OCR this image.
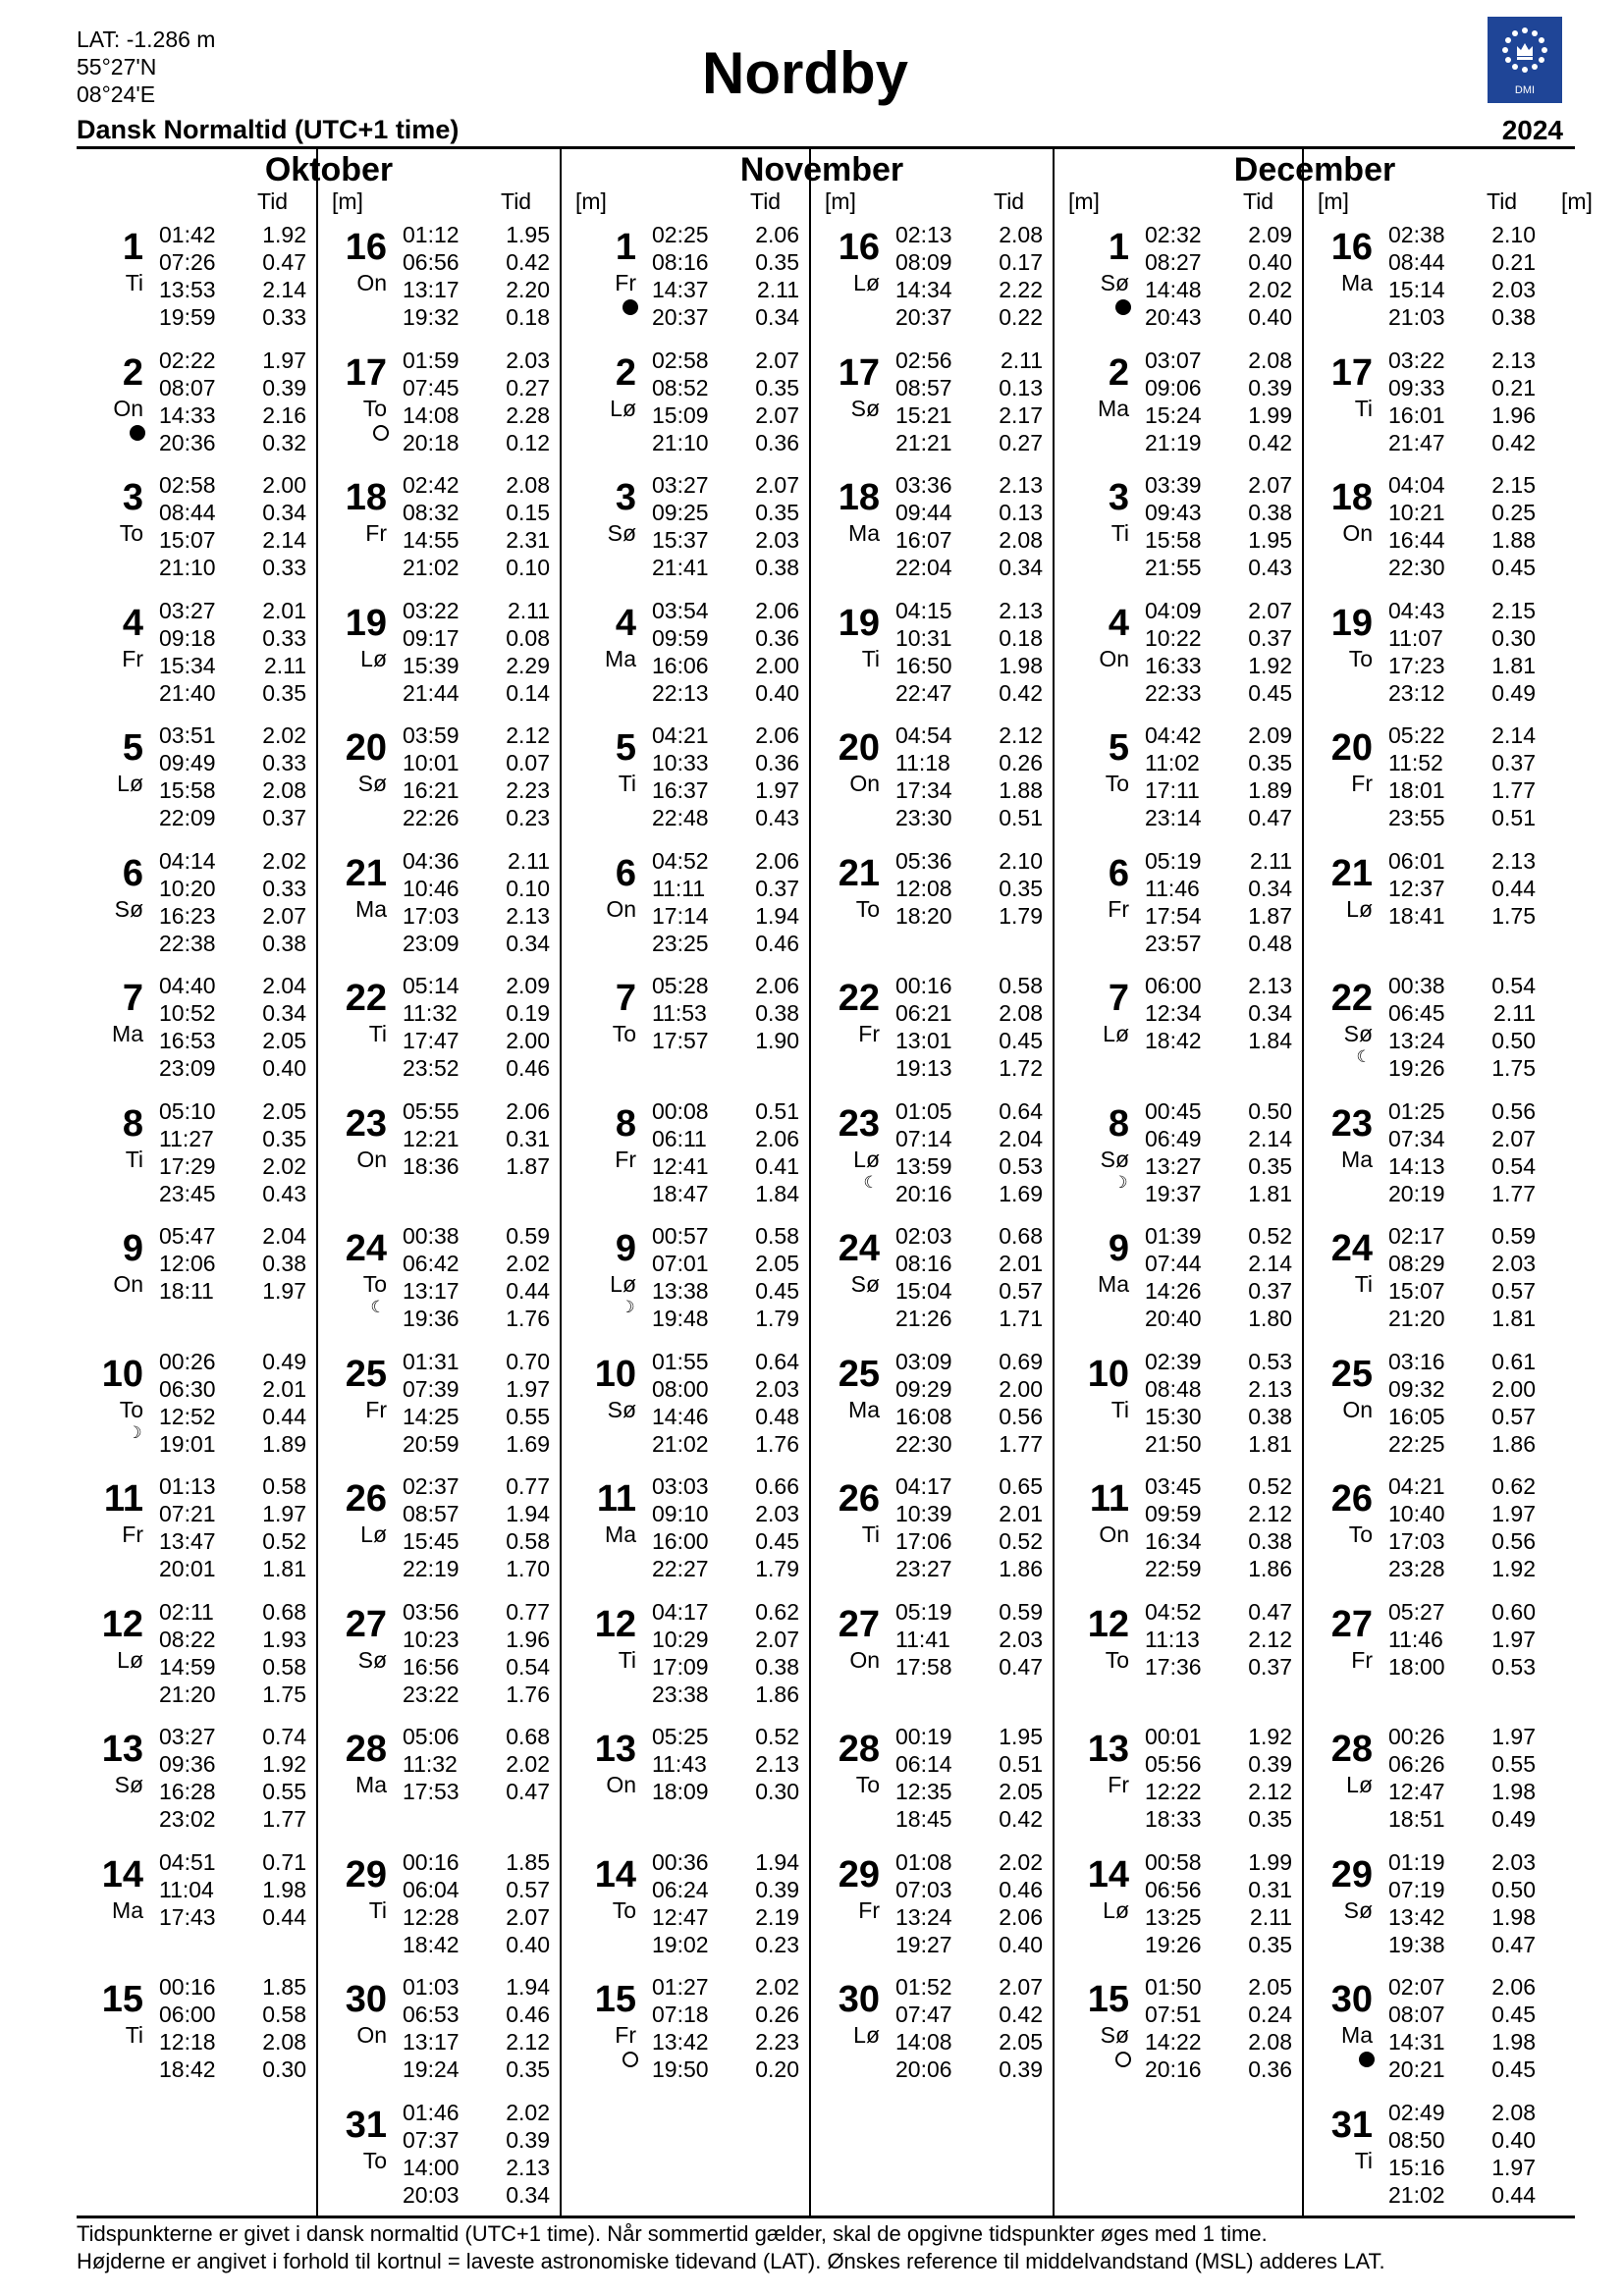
LAT: -1.286 m
55°27'N
08°24'E
Dansk Normaltid (UTC+1 time)
Nordby	DMI
2024
Oktober
Tid [m]	Tid [m]
1
Ti
01:42 1.92
07:26 0.47
13:53 2.14
19:59 0.33
2
On
02:22 1.97
08:07 0.39
14:33 2.16
20:36 0.32
3
To
02:58 2.00
08:44 0.34
15:07 2.14
21:10 0.33
4
Fr
03:27 2.01
09:18 0.33
15:34 2.11
21:40 0.35
5
Lø
03:51 2.02
09:49 0.33
15:58 2.08
22:09 0.37
6
Sø
04:14 2.02
10:20 0.33
16:23 2.07
22:38 0.38
7
Ma
04:40 2.04
10:52 0.34
16:53 2.05
23:09 0.40
8
Ti
05:10 2.05
11:27 0.35
17:29 2.02
23:45 0.43
9
On
05:47 2.04
12:06 0.38
18:11 1.97
10
To
☽
00:26 0.49
06:30 2.01
12:52 0.44
19:01 1.89
11
Fr
01:13 0.58
07:21 1.97
13:47 0.52
20:01 1.81
12
Lø
02:11 0.68
08:22 1.93
14:59 0.58
21:20 1.75
13
Sø
03:27 0.74
09:36 1.92
16:28 0.55
23:02 1.77
14
Ma
04:51 0.71
11:04 1.98
17:43 0.44
15
Ti
00:16 1.85
06:00 0.58
12:18 2.08
18:42 0.30
16
On
01:12 1.95
06:56 0.42
13:17 2.20
19:32 0.18
17
To
01:59 2.03
07:45 0.27
14:08 2.28
20:18 0.12
18
Fr
02:42 2.08
08:32 0.15
14:55 2.31
21:02 0.10
19
Lø
03:22 2.11
09:17 0.08
15:39 2.29
21:44 0.14
20
Sø
03:59 2.12
10:01 0.07
16:21 2.23
22:26 0.23
21
Ma
04:36 2.11
10:46 0.10
17:03 2.13
23:09 0.34
22
Ti
05:14 2.09
11:32 0.19
17:47 2.00
23:52 0.46
23
On
05:55 2.06
12:21 0.31
18:36 1.87
24
To
☾
00:38 0.59
06:42 2.02
13:17 0.44
19:36 1.76
25
Fr
01:31 0.70
07:39 1.97
14:25 0.55
20:59 1.69
26
Lø
02:37 0.77
08:57 1.94
15:45 0.58
22:19 1.70
27
Sø
03:56 0.77
10:23 1.96
16:56 0.54
23:22 1.76
28
Ma
05:06 0.68
11:32 2.02
17:53 0.47
29
Ti
00:16 1.85
06:04 0.57
12:28 2.07
18:42 0.40
30
On
01:03 1.94
06:53 0.46
13:17 2.12
19:24 0.35
31
To
01:46 2.02
07:37 0.39
14:00 2.13
20:03 0.34
November
Tid [m]	Tid [m]
1
Fr
02:25 2.06
08:16 0.35
14:37 2.11
20:37 0.34
2
Lø
02:58 2.07
08:52 0.35
15:09 2.07
21:10 0.36
3
Sø
03:27 2.07
09:25 0.35
15:37 2.03
21:41 0.38
4
Ma
03:54 2.06
09:59 0.36
16:06 2.00
22:13 0.40
5
Ti
04:21 2.06
10:33 0.36
16:37 1.97
22:48 0.43
6
On
04:52 2.06
11:11 0.37
17:14 1.94
23:25 0.46
7
To
05:28 2.06
11:53 0.38
17:57 1.90
8
Fr
00:08 0.51
06:11 2.06
12:41 0.41
18:47 1.84
9
Lø
☽
00:57 0.58
07:01 2.05
13:38 0.45
19:48 1.79
10
Sø
01:55 0.64
08:00 2.03
14:46 0.48
21:02 1.76
11
Ma
03:03 0.66
09:10 2.03
16:00 0.45
22:27 1.79
12
Ti
04:17 0.62
10:29 2.07
17:09 0.38
23:38 1.86
13
On
05:25 0.52
11:43 2.13
18:09 0.30
14
To
00:36 1.94
06:24 0.39
12:47 2.19
19:02 0.23
15
Fr
01:27 2.02
07:18 0.26
13:42 2.23
19:50 0.20
16
Lø
02:13 2.08
08:09 0.17
14:34 2.22
20:37 0.22
17
Sø
02:56 2.11
08:57 0.13
15:21 2.17
21:21 0.27
18
Ma
03:36 2.13
09:44 0.13
16:07 2.08
22:04 0.34
19
Ti
04:15 2.13
10:31 0.18
16:50 1.98
22:47 0.42
20
On
04:54 2.12
11:18 0.26
17:34 1.88
23:30 0.51
21
To
05:36 2.10
12:08 0.35
18:20 1.79
22
Fr
00:16 0.58
06:21 2.08
13:01 0.45
19:13 1.72
23
Lø
☾
01:05 0.64
07:14 2.04
13:59 0.53
20:16 1.69
24
Sø
02:03 0.68
08:16 2.01
15:04 0.57
21:26 1.71
25
Ma
03:09 0.69
09:29 2.00
16:08 0.56
22:30 1.77
26
Ti
04:17 0.65
10:39 2.01
17:06 0.52
23:27 1.86
27
On
05:19 0.59
11:41 2.03
17:58 0.47
28
To
00:19 1.95
06:14 0.51
12:35 2.05
18:45 0.42
29
Fr
01:08 2.02
07:03 0.46
13:24 2.06
19:27 0.40
30
Lø
01:52 2.07
07:47 0.42
14:08 2.05
20:06 0.39
December
Tid [m]	Tid [m]
1
Sø
02:32 2.09
08:27 0.40
14:48 2.02
20:43 0.40
2
Ma
03:07 2.08
09:06 0.39
15:24 1.99
21:19 0.42
3
Ti
03:39 2.07
09:43 0.38
15:58 1.95
21:55 0.43
4
On
04:09 2.07
10:22 0.37
16:33 1.92
22:33 0.45
5
To
04:42 2.09
11:02 0.35
17:11 1.89
23:14 0.47
6
Fr
05:19 2.11
11:46 0.34
17:54 1.87
23:57 0.48
7
Lø
06:00 2.13
12:34 0.34
18:42 1.84
8
Sø
☽
00:45 0.50
06:49 2.14
13:27 0.35
19:37 1.81
9
Ma
01:39 0.52
07:44 2.14
14:26 0.37
20:40 1.80
10
Ti
02:39 0.53
08:48 2.13
15:30 0.38
21:50 1.81
11
On
03:45 0.52
09:59 2.12
16:34 0.38
22:59 1.86
12
To
04:52 0.47
11:13 2.12
17:36 0.37
13
Fr
00:01 1.92
05:56 0.39
12:22 2.12
18:33 0.35
14
Lø
00:58 1.99
06:56 0.31
13:25 2.11
19:26 0.35
15
Sø
01:50 2.05
07:51 0.24
14:22 2.08
20:16 0.36
16
Ma
02:38 2.10
08:44 0.21
15:14 2.03
21:03 0.38
17
Ti
03:22 2.13
09:33 0.21
16:01 1.96
21:47 0.42
18
On
04:04 2.15
10:21 0.25
16:44 1.88
22:30 0.45
19
To
04:43 2.15
11:07 0.30
17:23 1.81
23:12 0.49
20
Fr
05:22 2.14
11:52 0.37
18:01 1.77
23:55 0.51
21
Lø
06:01 2.13
12:37 0.44
18:41 1.75
22
Sø
☾
00:38 0.54
06:45 2.11
13:24 0.50
19:26 1.75
23
Ma
01:25 0.56
07:34 2.07
14:13 0.54
20:19 1.77
24
Ti
02:17 0.59
08:29 2.03
15:07 0.57
21:20 1.81
25
On
03:16 0.61
09:32 2.00
16:05 0.57
22:25 1.86
26
To
04:21 0.62
10:40 1.97
17:03 0.56
23:28 1.92
27
Fr
05:27 0.60
11:46 1.97
18:00 0.53
28
Lø
00:26 1.97
06:26 0.55
12:47 1.98
18:51 0.49
29
Sø
01:19 2.03
07:19 0.50
13:42 1.98
19:38 0.47
30
Ma
02:07 2.06
08:07 0.45
14:31 1.98
20:21 0.45
31
Ti
02:49 2.08
08:50 0.40
15:16 1.97
21:02 0.44
Tidspunkterne er givet i dansk normaltid (UTC+1 time). Når sommertid gælder, skal de opgivne tidspunkter øges med 1 time.
Højderne er angivet i forhold til kortnul = laveste astronomiske tidevand (LAT). Ønskes reference til middelvandstand (MSL) adderes LAT.
